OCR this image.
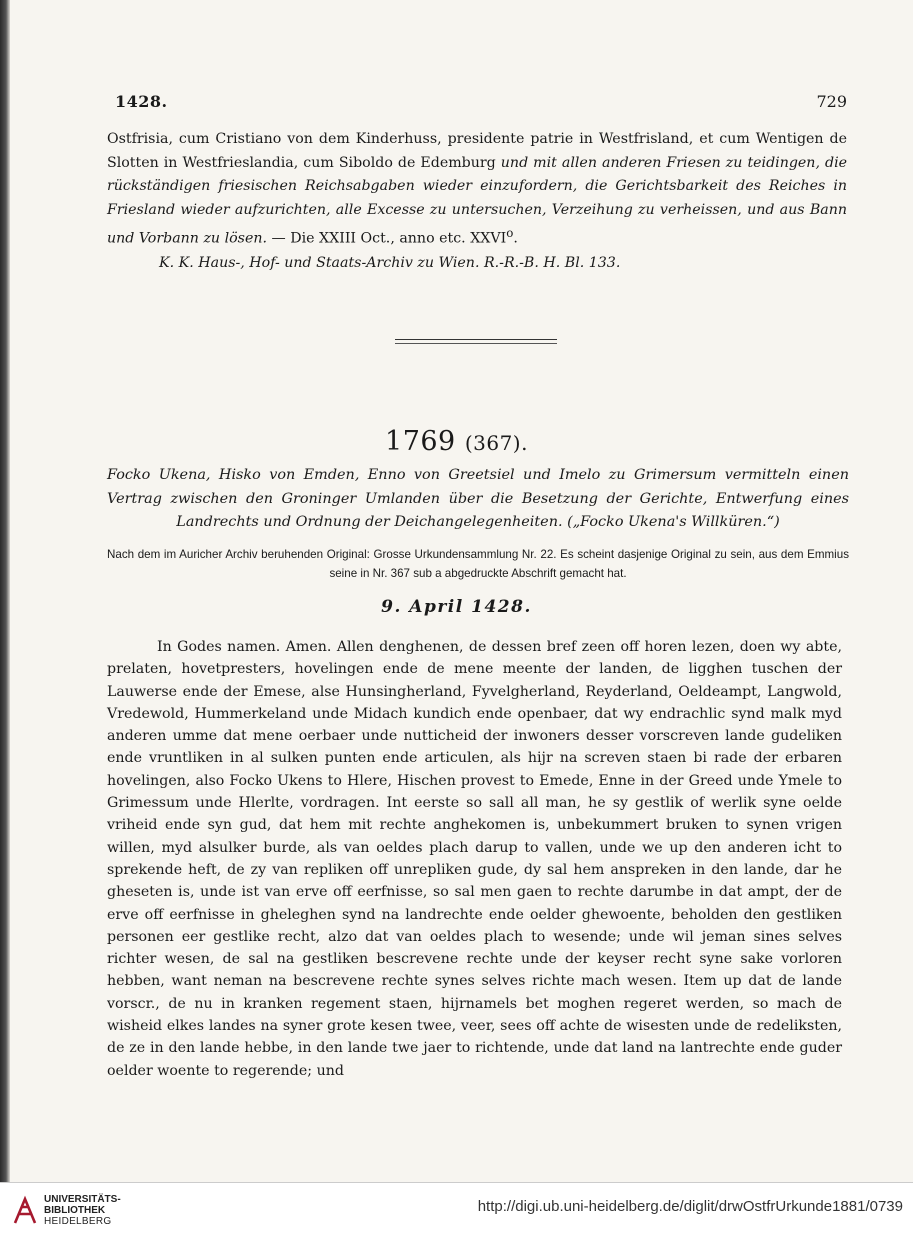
1428.	729

Ostfrisia, cum Cristiano von dem Kinderhuss, presidente patrie in Westfrisland, et cum Wentigen de Slotten in Westfrieslandia, cum Siboldo de Edemburg und mit allen anderen Friesen zu teidingen, die rückständigen friesischen Reichsabgaben wieder einzufordern, die Gerichtsbarkeit des Reiches in Friesland wieder aufzurichten, alle Excesse zu untersuchen, Verzeihung zu verheissen, und aus Bann und Vorbann zu lösen. — Die XXIII Oct., anno etc. XXVI$^o$.

K. K. Haus-, Hof- und Staats-Archiv zu Wien. R.-R.-B. H. Bl. 133.

1769 (367).
Focko Ukena, Hisko von Emden, Enno von Greetsiel und Imelo zu Grimersum vermitteln einen Vertrag zwischen den Groninger Umlanden über die Besetzung der Gerichte, Entwerfung eines Landrechts und Ordnung der Deichangelegenheiten. („Focko Ukena's Willküren.“)
Nach dem im Auricher Archiv beruhenden Original: Grosse Urkundensammlung Nr. 22. Es scheint dasjenige Original zu sein, aus dem Emmius seine in Nr. 367 sub a abgedruckte Abschrift gemacht hat.
9. April 1428.
In Godes namen. Amen. Allen denghenen, de dessen bref zeen off horen lezen, doen wy abte, prelaten, hovetpresters, hovelingen ende de mene meente der landen, de ligghen tuschen der Lauwerse ende der Emese, alse Hunsingherland, Fyvelgherland, Reyderland, Oeldeampt, Langwold, Vredewold, Hummerkeland unde Midach kundich ende openbaer, dat wy endrachlic synd malk myd anderen umme dat mene oerbaer unde nutticheid der inwoners desser vorscreven lande gudeliken ende vruntliken in al sulken punten ende articulen, als hijr na screven staen bi rade der erbaren hovelingen, also Focko Ukens to Hlere, Hischen provest to Emede, Enne in der Greed unde Ymele to Grimessum unde Hlerlte, vordragen. Int eerste so sall all man, he sy gestlik of werlik syne oelde vriheid ende syn gud, dat hem mit rechte anghekomen is, unbekummert bruken to synen vrigen willen, myd alsulker burde, als van oeldes plach darup to vallen, unde we up den anderen icht to sprekende heft, de zy van repliken off unrepliken gude, dy sal hem anspreken in den lande, dar he gheseten is, unde ist van erve off eerfnisse, so sal men gaen to rechte darumbe in dat ampt, der de erve off eerfnisse in gheleghen synd na landrechte ende oelder ghewoente, beholden den gestliken personen eer gestlike recht, alzo dat van oeldes plach to wesende; unde wil jeman sines selves richter wesen, de sal na gestliken bescrevene rechte unde der keyser recht syne sake vorloren hebben, want neman na bescrevene rechte synes selves richte mach wesen. Item up dat de lande vorscr., de nu in kranken regement staen, hijrnamels bet moghen regeret werden, so mach de wisheid elkes landes na syner grote kesen twee, veer, sees off achte de wisesten unde de redeliksten, de ze in den lande hebbe, in den lande twe jaer to richtende, unde dat land na lantrechte ende guder oelder woente to regerende; und
UNIVERSITÄTS-
BIBLIOTHEK
HEIDELBERG
http://digi.ub.uni-heidelberg.de/diglit/drwOstfrUrkunde1881/0739
